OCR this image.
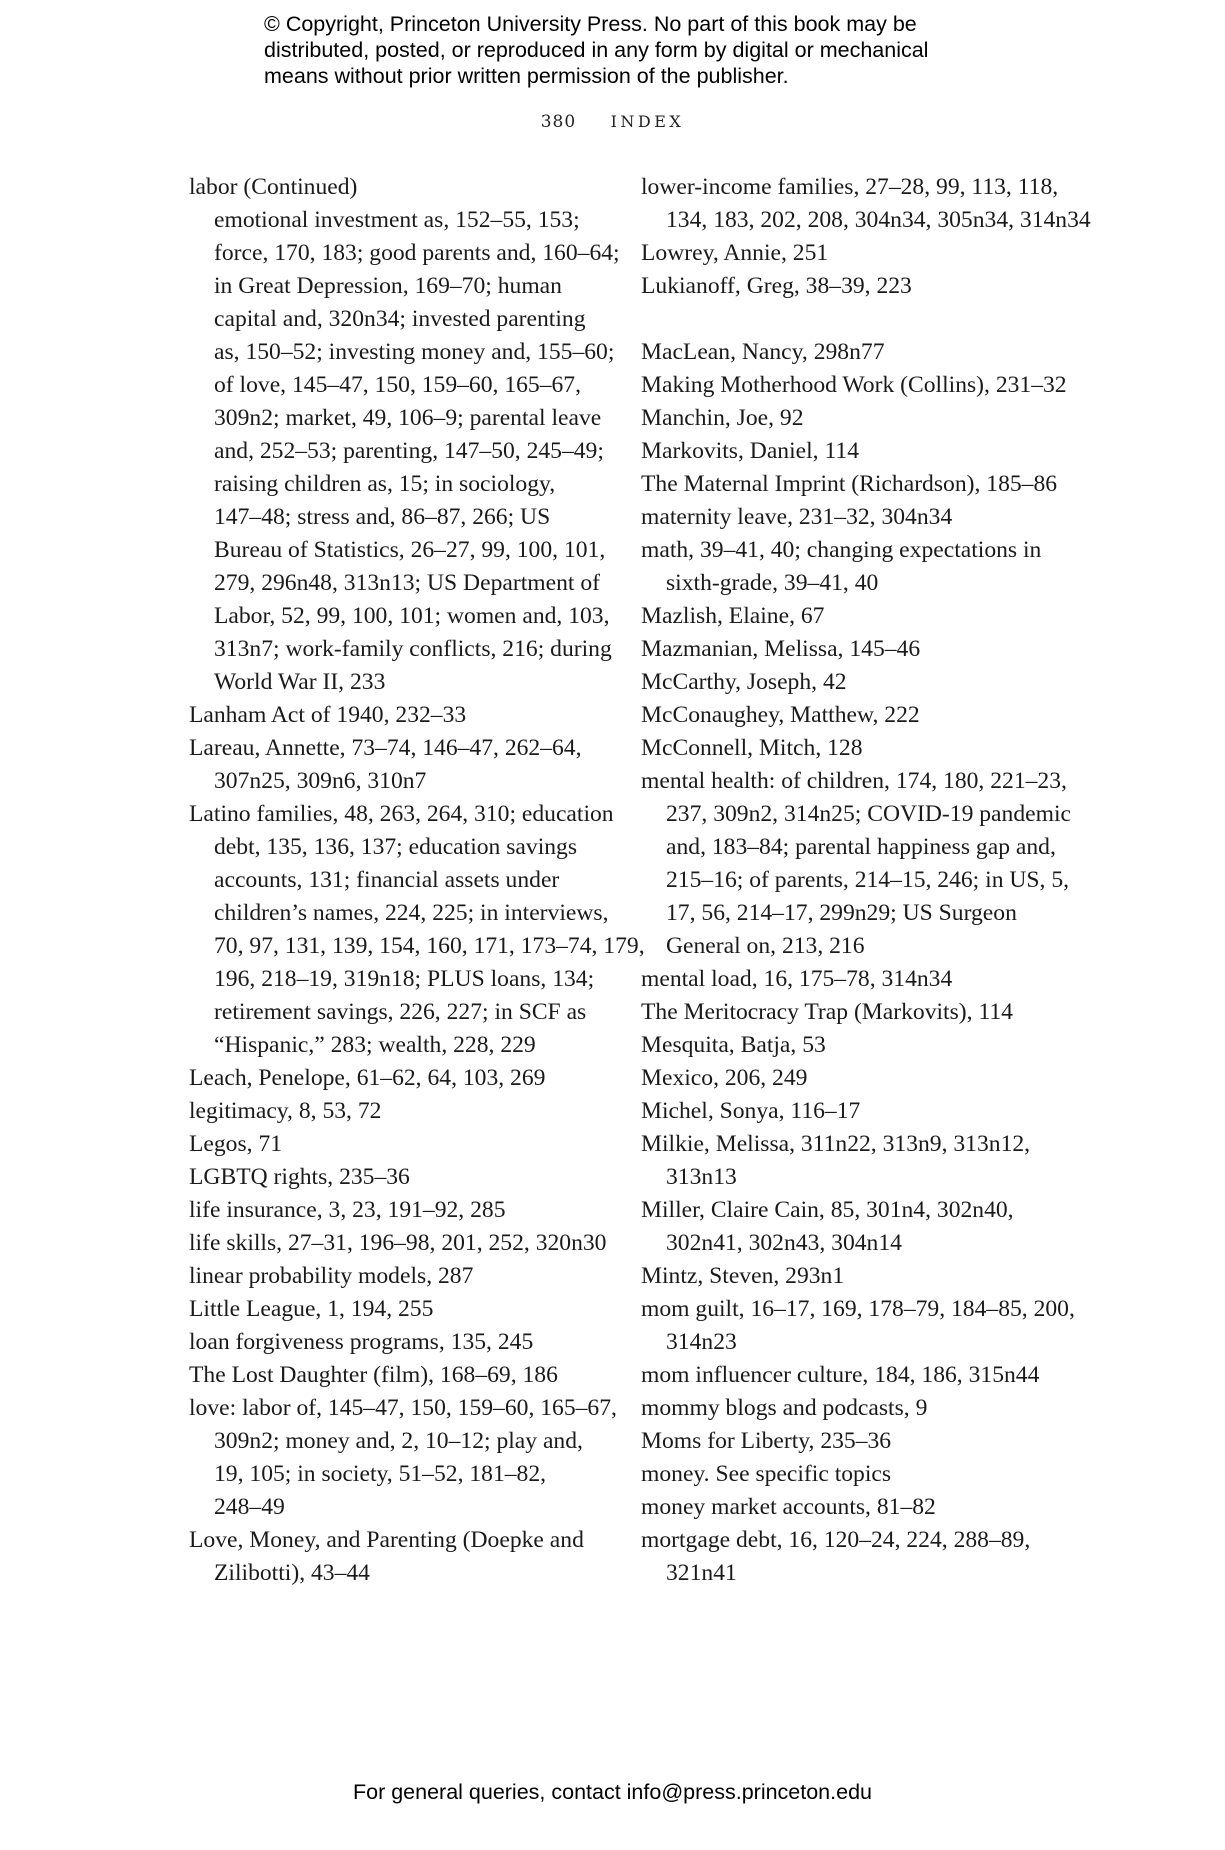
© Copyright, Princeton University Press. No part of this book may be
distributed, posted, or reproduced in any form by digital or mechanical
means without prior written permission of the publisher.
380 INDEX
labor (Continued)
emotional investment as, 152–55, 153;
force, 170, 183; good parents and, 160–64;
in Great Depression, 169–70; human
capital and, 320n34; invested parenting
as, 150–52; investing money and, 155–60;
of love, 145–47, 150, 159–60, 165–67,
309n2; market, 49, 106–9; parental leave
and, 252–53; parenting, 147–50, 245–49;
raising children as, 15; in sociology,
147–48; stress and, 86–87, 266; US
Bureau of Statistics, 26–27, 99, 100, 101,
279, 296n48, 313n13; US Department of
Labor, 52, 99, 100, 101; women and, 103,
313n7; work-family conflicts, 216; during
World War II, 233
Lanham Act of 1940, 232–33
Lareau, Annette, 73–74, 146–47, 262–64,
307n25, 309n6, 310n7
Latino families, 48, 263, 264, 310; education
debt, 135, 136, 137; education savings
accounts, 131; financial assets under
children’s names, 224, 225; in interviews,
70, 97, 131, 139, 154, 160, 171, 173–74, 179,
196, 218–19, 319n18; PLUS loans, 134;
retirement savings, 226, 227; in SCF as
“Hispanic,” 283; wealth, 228, 229
Leach, Penelope, 61–62, 64, 103, 269
legitimacy, 8, 53, 72
Legos, 71
LGBTQ rights, 235–36
life insurance, 3, 23, 191–92, 285
life skills, 27–31, 196–98, 201, 252, 320n30
linear probability models, 287
Little League, 1, 194, 255
loan forgiveness programs, 135, 245
The Lost Daughter (film), 168–69, 186
love: labor of, 145–47, 150, 159–60, 165–67,
309n2; money and, 2, 10–12; play and,
19, 105; in society, 51–52, 181–82,
248–49
Love, Money, and Parenting (Doepke and
Zilibotti), 43–44
lower-income families, 27–28, 99, 113, 118,
134, 183, 202, 208, 304n34, 305n34, 314n34
Lowrey, Annie, 251
Lukianoff, Greg, 38–39, 223
MacLean, Nancy, 298n77
Making Motherhood Work (Collins), 231–32
Manchin, Joe, 92
Markovits, Daniel, 114
The Maternal Imprint (Richardson), 185–86
maternity leave, 231–32, 304n34
math, 39–41, 40; changing expectations in
sixth-grade, 39–41, 40
Mazlish, Elaine, 67
Mazmanian, Melissa, 145–46
McCarthy, Joseph, 42
McConaughey, Matthew, 222
McConnell, Mitch, 128
mental health: of children, 174, 180, 221–23,
237, 309n2, 314n25; COVID-19 pandemic
and, 183–84; parental happiness gap and,
215–16; of parents, 214–15, 246; in US, 5,
17, 56, 214–17, 299n29; US Surgeon
General on, 213, 216
mental load, 16, 175–78, 314n34
The Meritocracy Trap (Markovits), 114
Mesquita, Batja, 53
Mexico, 206, 249
Michel, Sonya, 116–17
Milkie, Melissa, 311n22, 313n9, 313n12,
313n13
Miller, Claire Cain, 85, 301n4, 302n40,
302n41, 302n43, 304n14
Mintz, Steven, 293n1
mom guilt, 16–17, 169, 178–79, 184–85, 200,
314n23
mom influencer culture, 184, 186, 315n44
mommy blogs and podcasts, 9
Moms for Liberty, 235–36
money. See specific topics
money market accounts, 81–82
mortgage debt, 16, 120–24, 224, 288–89,
321n41
For general queries, contact info@press.princeton.edu
